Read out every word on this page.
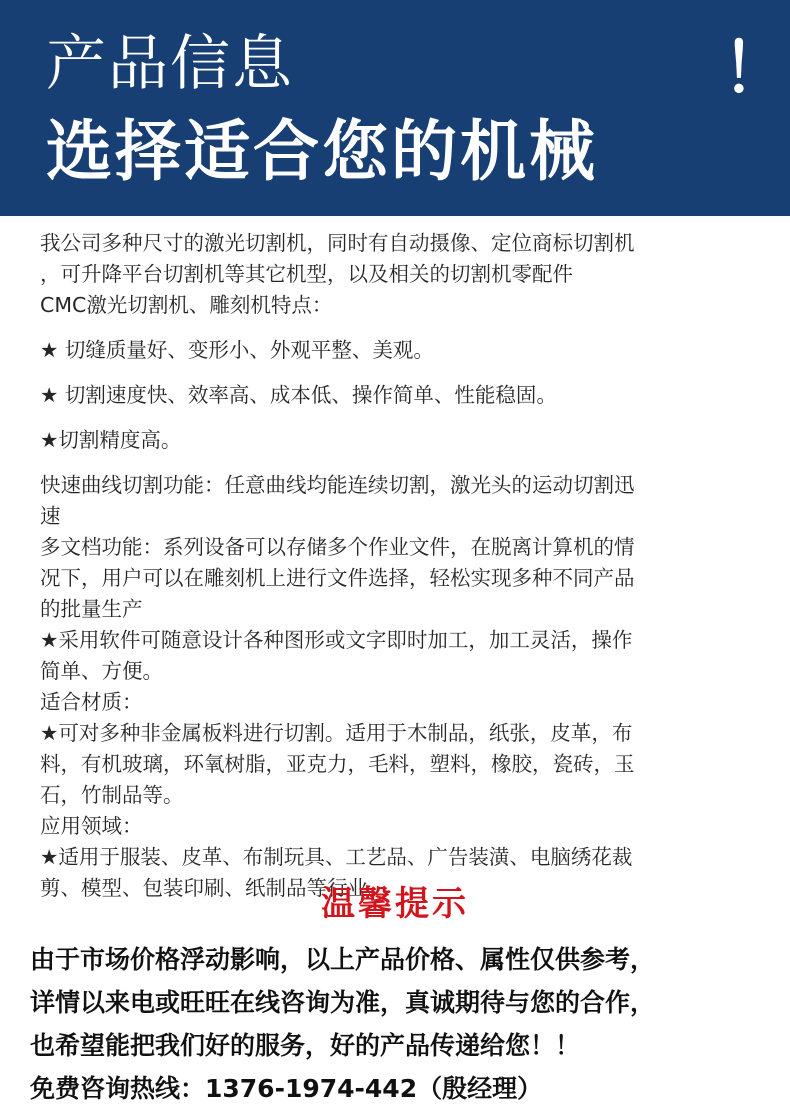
产品信息
选择适合您的机械
！
我公司多种尺寸的激光切割机，同时有自动摄像、定位商标切割机
，可升降平台切割机等其它机型，以及相关的切割机零配件
CMC激光切割机、雕刻机特点：
★ 切缝质量好、变形小、外观平整、美观。
★ 切割速度快、效率高、成本低、操作简单、性能稳固。
★切割精度高。
快速曲线切割功能：任意曲线均能连续切割，激光头的运动切割迅
速
多文档功能：系列设备可以存储多个作业文件，在脱离计算机的情
况下，用户可以在雕刻机上进行文件选择，轻松实现多种不同产品
的批量生产
★采用软件可随意设计各种图形或文字即时加工，加工灵活，操作
简单、方便。
适合材质：
★可对多种非金属板料进行切割。适用于木制品，纸张，皮革，布
料，有机玻璃，环氧树脂，亚克力，毛料，塑料，橡胶，瓷砖，玉
石，竹制品等。
应用领域：
★适用于服装、皮革、布制玩具、工艺品、广告装潢、电脑绣花裁
剪、模型、包装印刷、纸制品等行业。
温馨提示
由于市场价格浮动影响，以上产品价格、属性仅供参考，
详情以来电或旺旺在线咨询为准，真诚期待与您的合作，
也希望能把我们好的服务，好的产品传递给您！！
免费咨询热线：1376-1974-442（殷经理）
